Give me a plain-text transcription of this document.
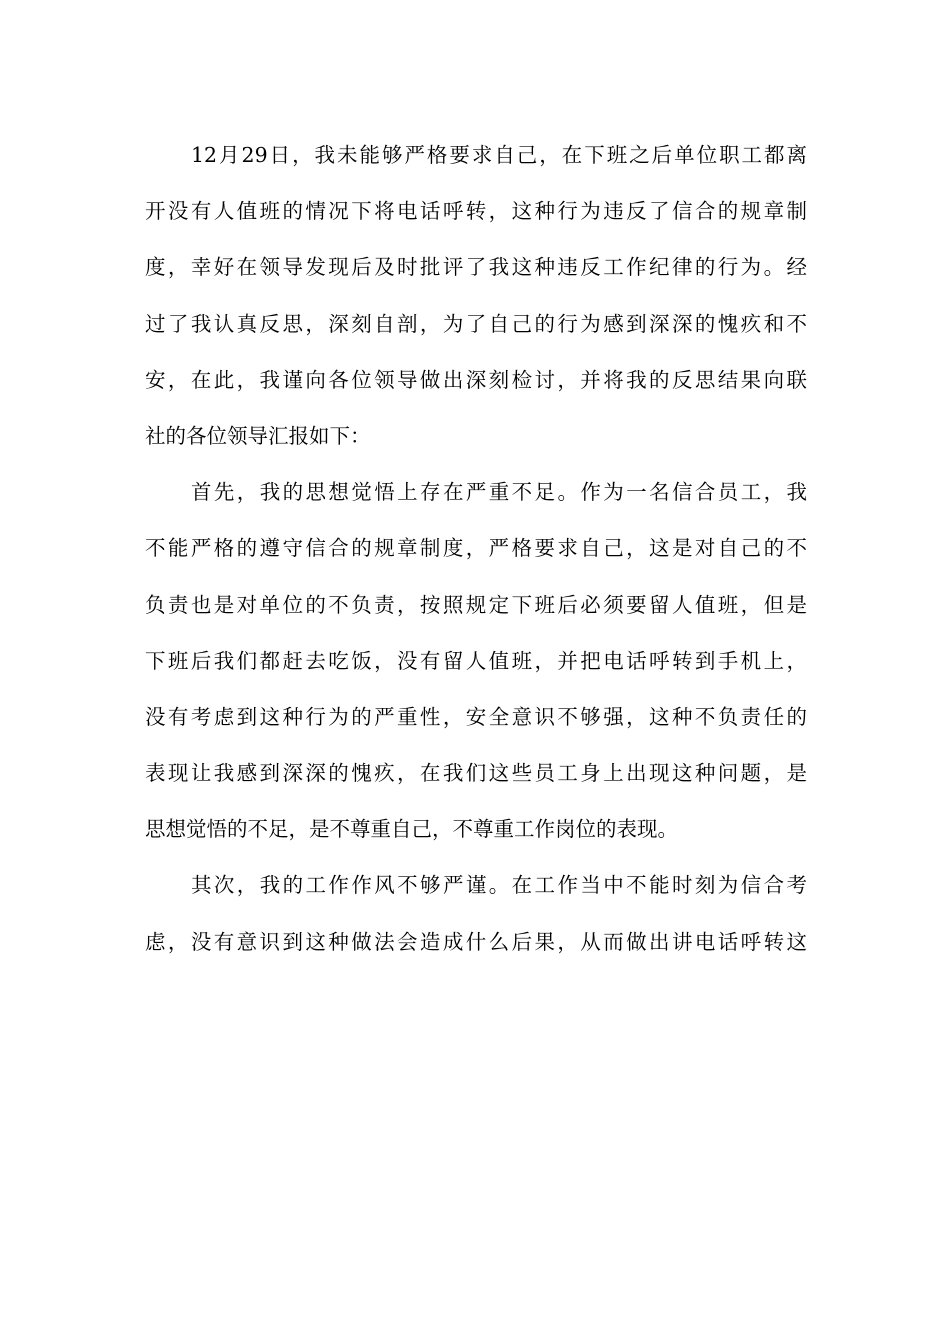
12月29日，我未能够严格要求自己，在下班之后单位职工都离
开没有人值班的情况下将电话呼转，这种行为违反了信合的规章制
度，幸好在领导发现后及时批评了我这种违反工作纪律的行为。经
过了我认真反思，深刻自剖，为了自己的行为感到深深的愧疚和不
安，在此，我谨向各位领导做出深刻检讨，并将我的反思结果向联
社的各位领导汇报如下：
首先，我的思想觉悟上存在严重不足。作为一名信合员工，我
不能严格的遵守信合的规章制度，严格要求自己，这是对自己的不
负责也是对单位的不负责，按照规定下班后必须要留人值班，但是
下班后我们都赶去吃饭，没有留人值班，并把电话呼转到手机上，
没有考虑到这种行为的严重性，安全意识不够强，这种不负责任的
表现让我感到深深的愧疚，在我们这些员工身上出现这种问题，是
思想觉悟的不足，是不尊重自己，不尊重工作岗位的表现。
其次，我的工作作风不够严谨。在工作当中不能时刻为信合考
虑，没有意识到这种做法会造成什么后果，从而做出讲电话呼转这
